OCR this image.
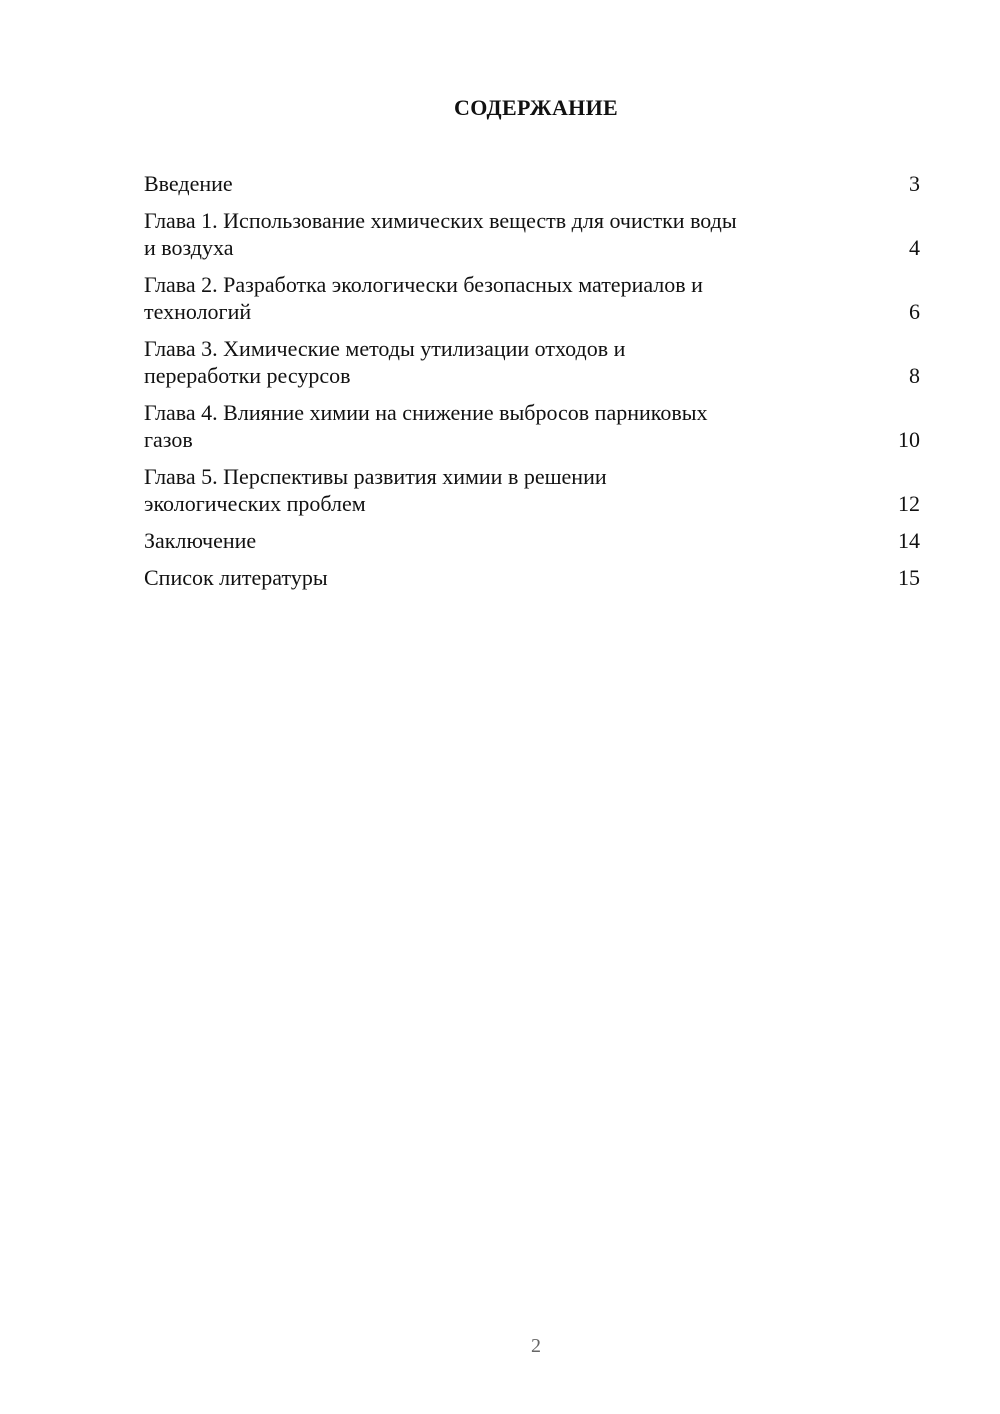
СОДЕРЖАНИЕ
Введение	3
Глава 1. Использование химических веществ для очистки воды
и воздуха	4
Глава 2. Разработка экологически безопасных материалов и
технологий	6
Глава 3. Химические методы утилизации отходов и
переработки ресурсов	8
Глава 4. Влияние химии на снижение выбросов парниковых
газов	10
Глава 5. Перспективы развития химии в решении
экологических проблем	12
Заключение	14
Список литературы	15
2
